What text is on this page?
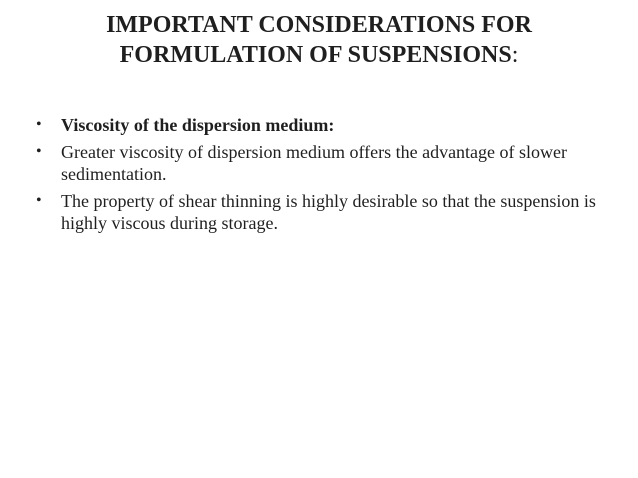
IMPORTANT CONSIDERATIONS FOR
FORMULATION OF SUSPENSIONS:
•	Viscosity of the dispersion medium:
•	Greater viscosity of dispersion medium offers the advantage of slower sedimentation.
•	The property of shear thinning is highly desirable so that the suspension is highly viscous during storage.
